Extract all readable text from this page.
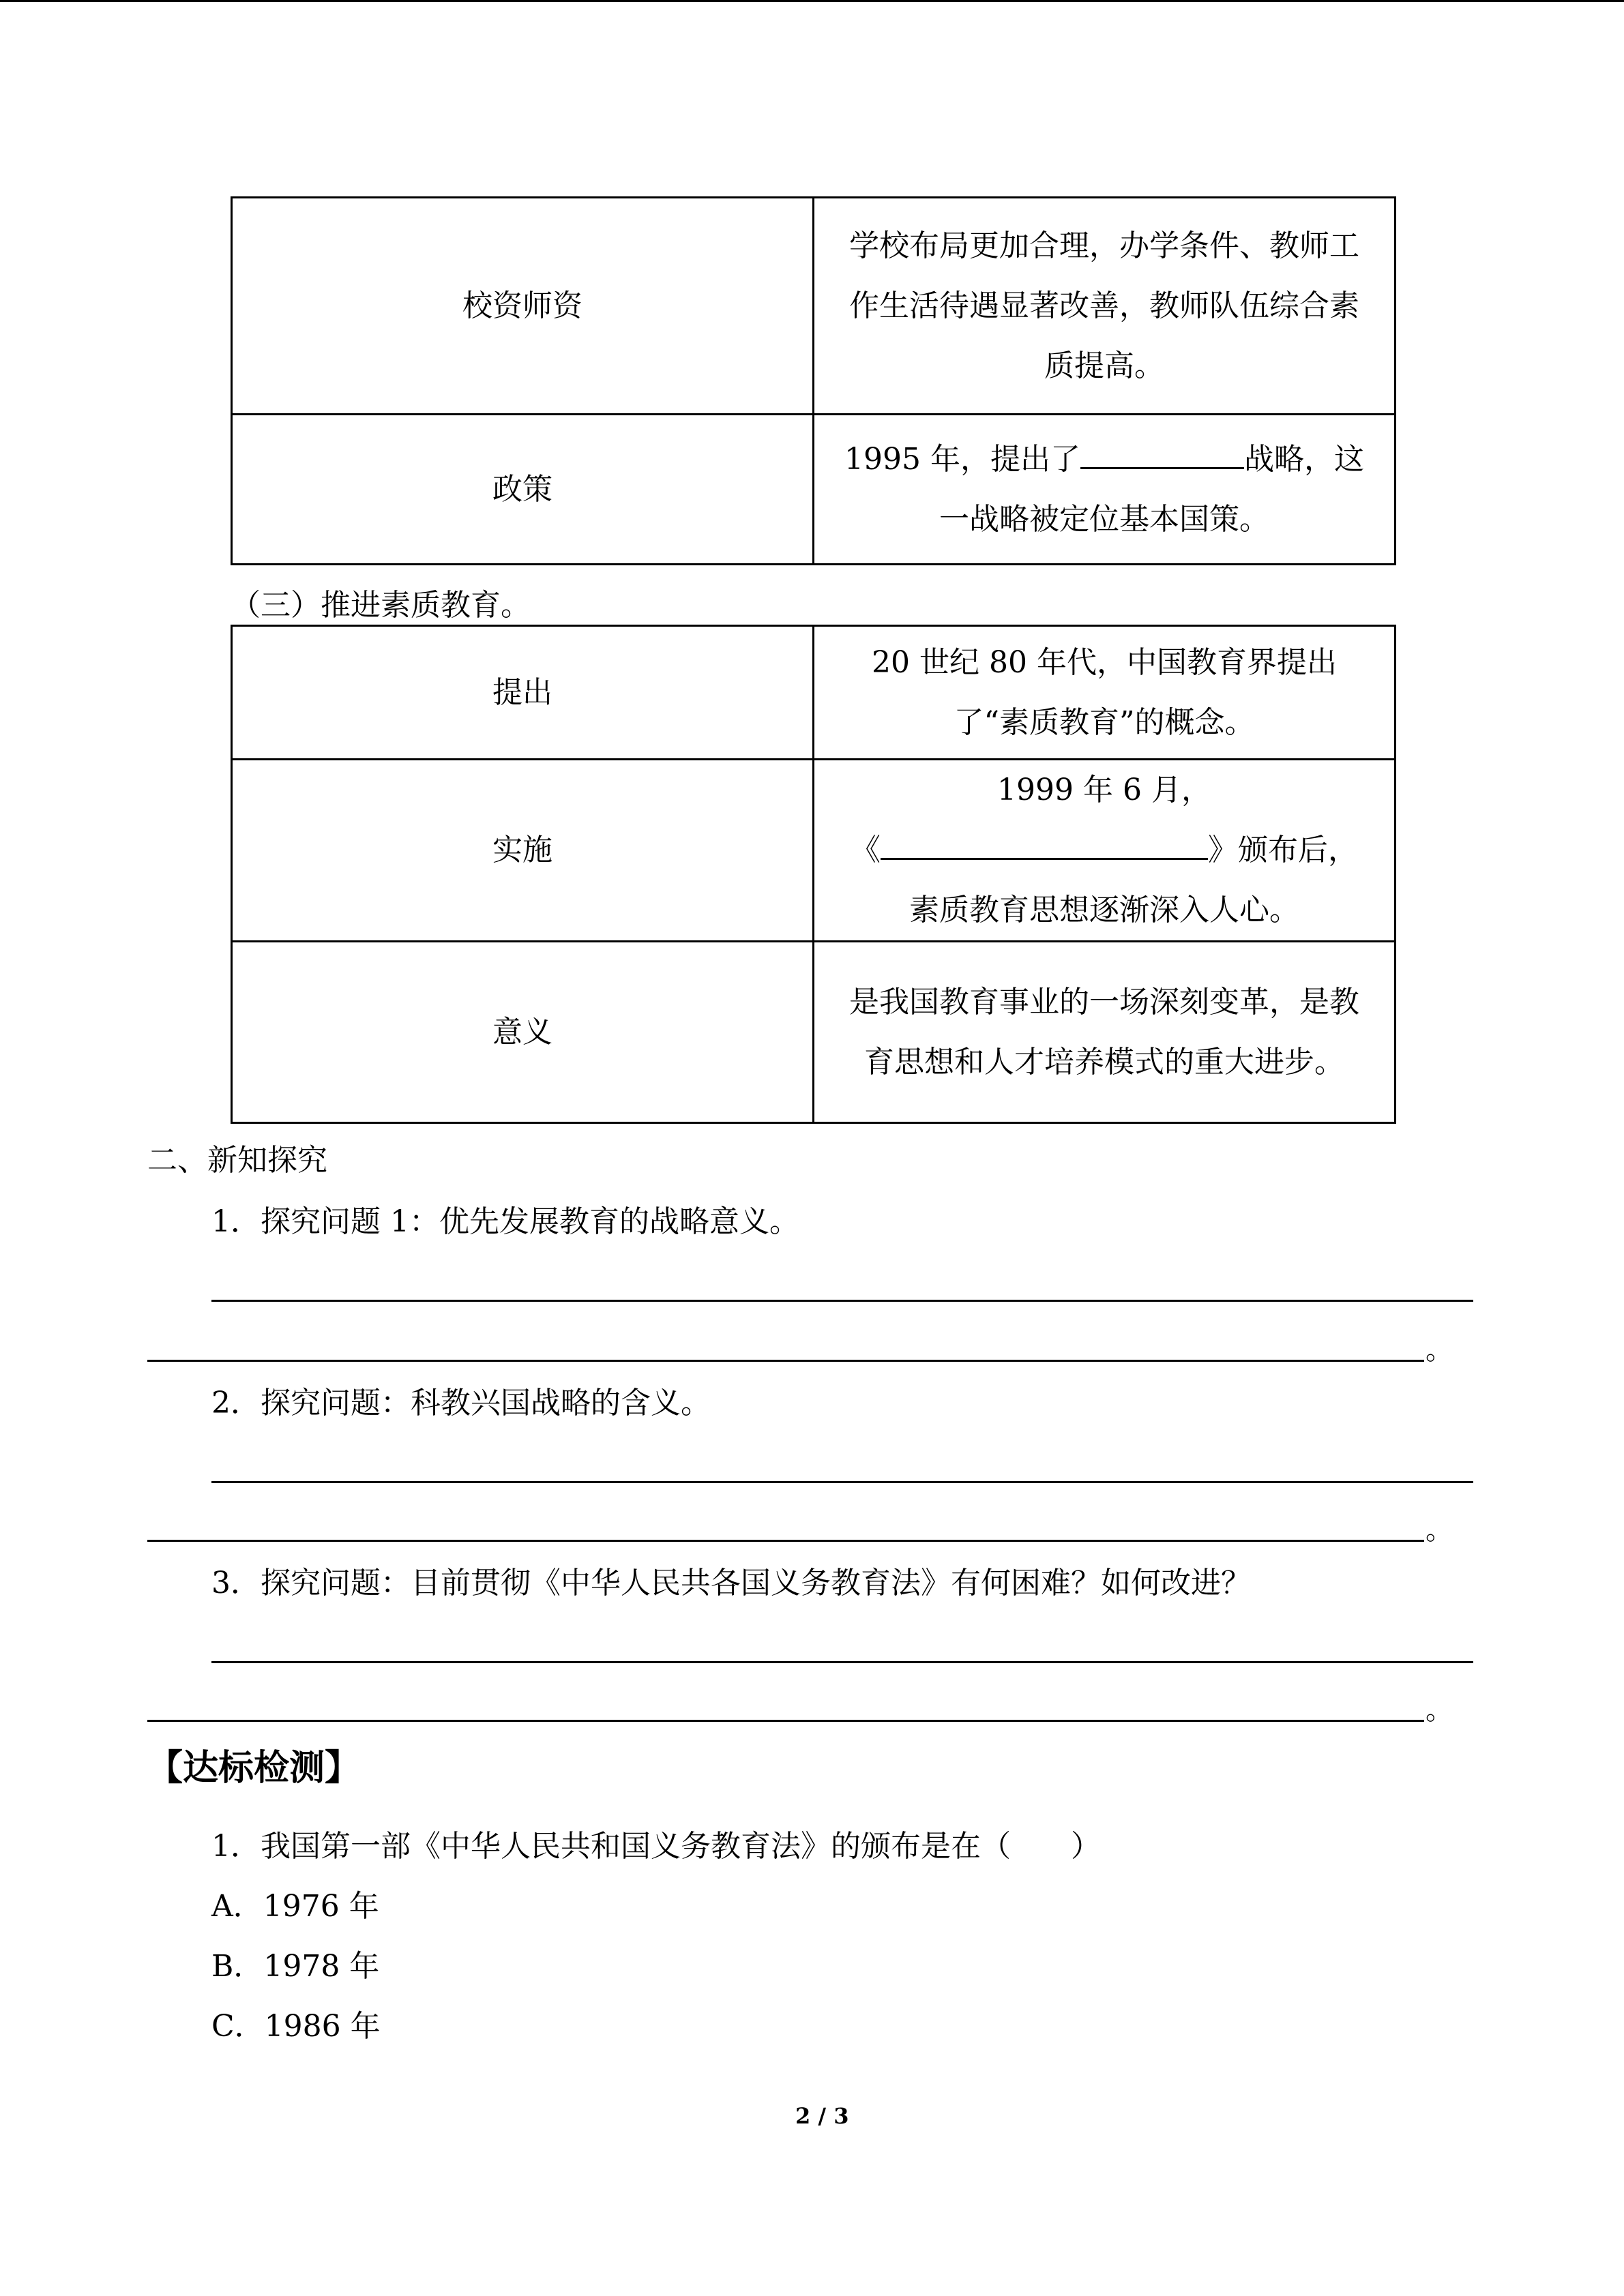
校资师资	学校布局更加合理，办学条件、教师工作生活待遇显著改善，教师队伍综合素质提高。
政策	1995 年，提出了 战略，这一战略被定位基本国策。
（三）推进素质教育。
提出	20 世纪 80 年代，中国教育界提出了“素质教育”的概念。
实施	1999 年 6 月，
《 》颁布后，
素质教育思想逐渐深入人心。

意义	是我国教育事业的一场深刻变革，是教育思想和人才培养模式的重大进步。
二、新知探究
1．探究问题 1：优先发展教育的战略意义。
。
2．探究问题：科教兴国战略的含义。
。
3．探究问题：目前贯彻《中华人民共各国义务教育法》有何困难？如何改进？
。
【达标检测】
1．我国第一部《中华人民共和国义务教育法》的颁布是在（　　）
A．1976 年
B．1978 年
C．1986 年
2 / 3
